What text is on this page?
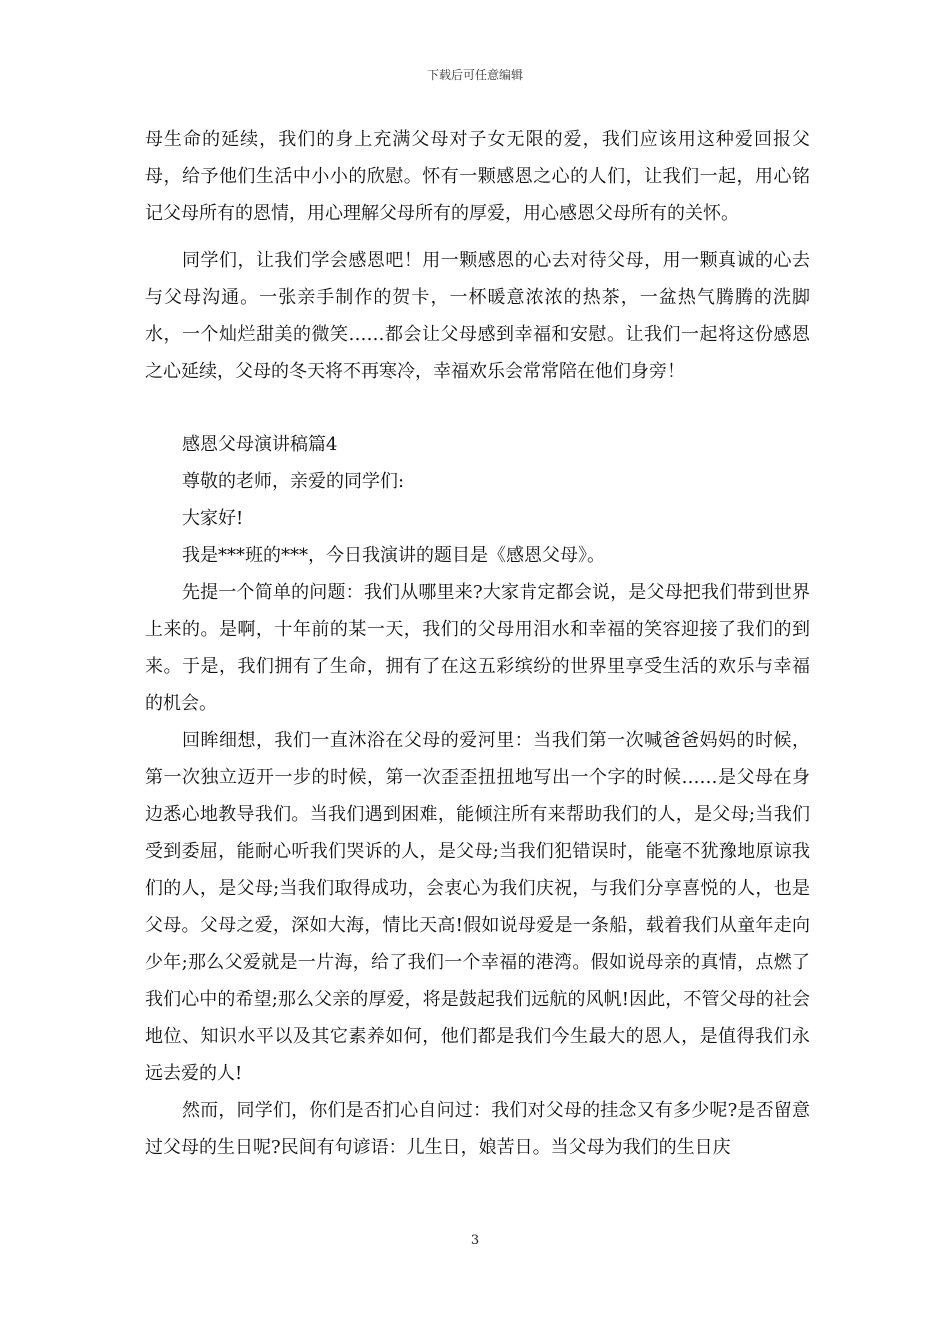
下载后可任意编辑

母生命的延续，我们的身上充满父母对子女无限的爱，我们应该用这种爱回报父母，给予他们生活中小小的欣慰。怀有一颗感恩之心的人们，让我们一起，用心铭记父母所有的恩情，用心理解父母所有的厚爱，用心感恩父母所有的关怀。

同学们，让我们学会感恩吧！用一颗感恩的心去对待父母，用一颗真诚的心去与父母沟通。一张亲手制作的贺卡，一杯暖意浓浓的热茶，一盆热气腾腾的洗脚水，一个灿烂甜美的微笑……都会让父母感到幸福和安慰。让我们一起将这份感恩之心延续，父母的冬天将不再寒冷，幸福欢乐会常常陪在他们身旁！

感恩父母演讲稿篇4
尊敬的老师，亲爱的同学们:
大家好!
我是***班的***，今日我演讲的题目是《感恩父母》。

先提一个简单的问题：我们从哪里来?大家肯定都会说，是父母把我们带到世界上来的。是啊，十年前的某一天，我们的父母用泪水和幸福的笑容迎接了我们的到来。于是，我们拥有了生命，拥有了在这五彩缤纷的世界里享受生活的欢乐与幸福的机会。

回眸细想，我们一直沐浴在父母的爱河里：当我们第一次喊爸爸妈妈的时候，第一次独立迈开一步的时候，第一次歪歪扭扭地写出一个字的时候……是父母在身边悉心地教导我们。当我们遇到困难，能倾注所有来帮助我们的人，是父母;当我们受到委屈，能耐心听我们哭诉的人，是父母;当我们犯错误时，能毫不犹豫地原谅我们的人，是父母;当我们取得成功，会衷心为我们庆祝，与我们分享喜悦的人，也是父母。父母之爱，深如大海，情比天高!假如说母爱是一条船，载着我们从童年走向少年;那么父爱就是一片海，给了我们一个幸福的港湾。假如说母亲的真情，点燃了我们心中的希望;那么父亲的厚爱，将是鼓起我们远航的风帆!因此，不管父母的社会地位、知识水平以及其它素养如何，他们都是我们今生最大的恩人，是值得我们永远去爱的人!

然而，同学们，你们是否扪心自问过：我们对父母的挂念又有多少呢?是否留意过父母的生日呢?民间有句谚语：儿生日，娘苦日。当父母为我们的生日庆

3
